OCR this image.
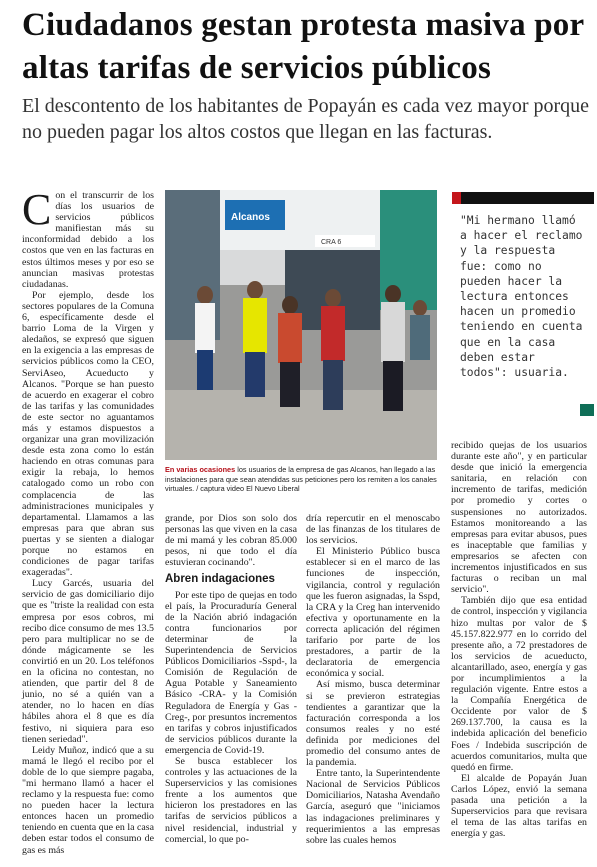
Ciudadanos gestan protesta masiva por
altas tarifas de servicios públicos
El descontento de los habitantes de Popayán es cada vez mayor porque no pueden pagar los altos costos que llegan en las facturas.

Con el transcurrir de los días los usuarios de servicios públicos manifiestan más su inconformidad debido a los costos que ven en las facturas en estos últimos meses y por eso se anuncian masivas protestas ciudadanas.

Por ejemplo, desde los sectores populares de la Comuna 6, específicamente desde el barrio Loma de la Virgen y aledaños, se expresó que siguen en la exigencia a las empresas de servicios públicos como la CEO, ServiAseo, Acueducto y Alcanos. "Porque se han puesto de acuerdo en exagerar el cobro de las tarifas y las comunidades de este sector no aguantamos más y estamos dispuestos a organizar una gran movilización desde esta zona como lo están haciendo en otras comunas para exigir la rebaja, lo hemos catalogado como un robo con complacencia de las administraciones municipales y departamental. Llamamos a las empresas para que abran sus puertas y se sienten a dialogar porque no estamos en condiciones de pagar tarifas exageradas".

Lucy Garcés, usuaria del servicio de gas domiciliario dijo que es "triste la realidad con esta empresa por esos cobros, mi recibo dice consumo de mes 13.5 pero para multiplicar no se de dónde mágicamente se les convirtió en un 20. Los teléfonos en la oficina no contestan, no atienden, que partir del 8 de junio, no sé a quién van a atender, no lo hacen en días hábiles ahora el 8 que es día festivo, ni siquiera para eso tienen seriedad".

Leidy Muñoz, indicó que a su mamá le llegó el recibo por el doble de lo que siempre pagaba, "mi hermano llamó a hacer el reclamo y la respuesta fue: como no pueden hacer la lectura entonces hacen un promedio teniendo en cuenta que en la casa deben estar todos el consumo de gas es más

Alcanos
CRA 6
En varias ocasiones los usuarios de la empresa de gas Alcanos, han llegado a las instalaciones para que sean atendidas sus peticiones pero los remiten a los canales virtuales. / captura video El Nuevo Liberal
"Mi hermano llamó a hacer el reclamo y la respuesta fue: como no pueden hacer la lectura entonces hacen un promedio teniendo en cuenta que en la casa deben estar todos": usuaria.

grande, por Dios son solo dos personas las que viven en la casa de mi mamá y les cobran 85.000 pesos, ni que todo el día estuvieran cocinando".

Abren indagaciones

Por este tipo de quejas en todo el país, la Procuraduría General de la Nación abrió indagación contra funcionarios por determinar de la Superintendencia de Servicios Públicos Domiciliarios -Sspd-, la Comisión de Regulación de Agua Potable y Saneamiento Básico -CRA- y la Comisión Reguladora de Energía y Gas -Creg-, por presuntos incrementos en tarifas y cobros injustificados de servicios públicos durante la emergencia de Covid-19.

Se busca establecer los controles y las actuaciones de la Superservicios y las comisiones frente a los aumentos que hicieron los prestadores en las tarifas de servicios públicos a nivel residencial, industrial y comercial, lo que po-

dría repercutir en el menoscabo de las finanzas de los titulares de los servicios.

El Ministerio Público busca establecer si en el marco de las funciones de inspección, vigilancia, control y regulación que les fueron asignadas, la Sspd, la CRA y la Creg han intervenido efectiva y oportunamente en la correcta aplicación del régimen tarifario por parte de los prestadores, a partir de la declaratoria de emergencia económica y social.

Así mismo, busca determinar si se previeron estrategias tendientes a garantizar que la facturación corresponda a los consumos reales y no esté definida por mediciones del promedio del consumo antes de la pandemia.

Entre tanto, la Superintendente Nacional de Servicios Públicos Domiciliarios, Natasha Avendaño García, aseguró que "iniciamos las indagaciones preliminares y requerimientos a las empresas sobre las cuales hemos

recibido quejas de los usuarios durante este año", y en particular desde que inició la emergencia sanitaria, en relación con incremento de tarifas, medición por promedio y cortes o suspensiones no autorizados. Estamos monitoreando a las empresas para evitar abusos, pues es inaceptable que familias y empresarios se afecten con incrementos injustificados en sus facturas o reciban un mal servicio".

También dijo que esa entidad de control, inspección y vigilancia hizo multas por valor de $ 45.157.822.977 en lo corrido del presente año, a 72 prestadores de los servicios de acueducto, alcantarillado, aseo, energía y gas por incumplimientos a la regulación vigente. Entre estos a la Compañía Energética de Occidente por valor de $ 269.137.700, la causa es la indebida aplicación del beneficio Foes / Indebida suscripción de acuerdos comunitarios, multa que quedó en firme.

El alcalde de Popayán Juan Carlos López, envió la semana pasada una petición a la Superservicios para que revisara el tema de las altas tarifas en energía y gas.
